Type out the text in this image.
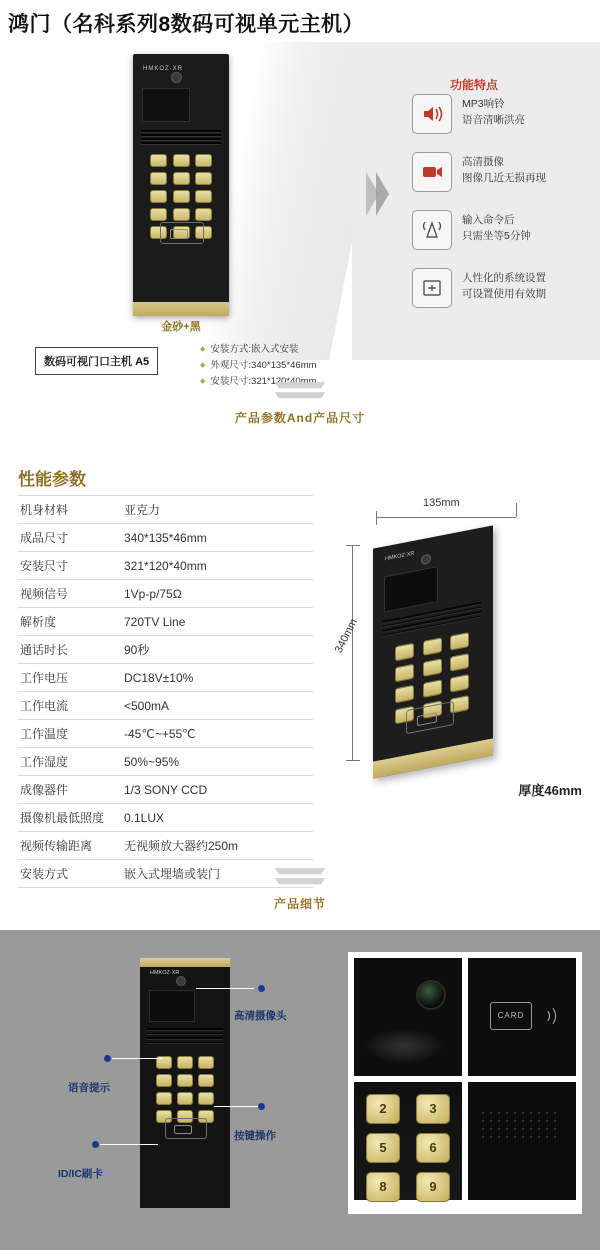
鸿门（名科系列8数码可视单元主机）
HMKOZ·XR
金砂+黑
数码可视门口主机 A5
◆ 安装方式:嵌入式安装
◆ 外观尺寸:340*135*46mm
◆ 安装尺寸:321*120*40mm
功能特点
MP3响铃
语音清晰洪亮
高清摄像
图像几近无损再现
输入命令后
只需坐等5分钟
人性化的系统设置
可设置使用有效期
产品参数And产品尺寸
性能参数
机身材料	亚克力
成品尺寸	340*135*46mm
安装尺寸	321*120*40mm
视频信号	1Vp-p/75Ω
解析度	720TV Line
通话时长	90秒
工作电压	DC18V±10%
工作电流	<500mA
工作温度	-45℃~+55℃
工作湿度	50%~95%
成像器件	1/3 SONY CCD
摄像机最低照度	0.1LUX
视频传输距离	无视频放大器约250m
安装方式	嵌入式埋墙或装门
HMKOZ·XR
135mm
340mm
厚度46mm
产品细节
HMKOZ·XR
高清摄像头
语音提示
按键操作
ID/IC刷卡
CARD
2	3
5	6
8	9
